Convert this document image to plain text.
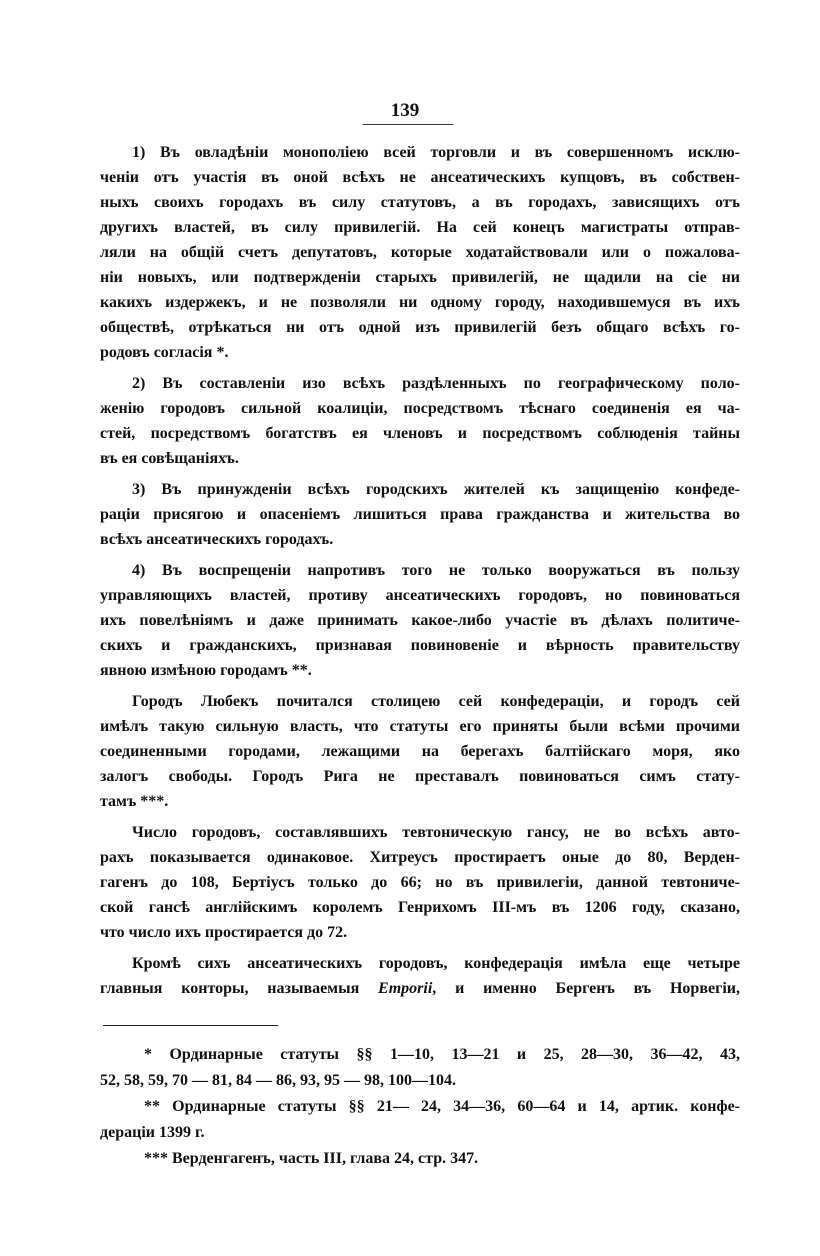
139
1) Въ овладѣніи монополіею всей торговли и въ совершенномъ исклю-
ченіи отъ участія въ оной всѣхъ не ансеатическихъ купцовъ, въ собствен-
ныхъ своихъ городахъ въ силу статутовъ, а въ городахъ, зависящихъ отъ
другихъ властей, въ силу привилегій. На сей конецъ магистраты отправ-
ляли на общій счетъ депутатовъ, которые ходатайствовали или о пожалова-
ніи новыхъ, или подтвержденіи старыхъ привилегій, не щадили на сіе ни
какихъ издержекъ, и не позволяли ни одному городу, находившемуся въ ихъ
обществѣ, отрѣкаться ни отъ одной изъ привилегій безъ общаго всѣхъ го-
родовъ согласія *.
2) Въ составленіи изо всѣхъ раздѣленныхъ по географическому поло-
женію городовъ сильной коалиціи, посредствомъ тѣснаго соединенія ея ча-
стей, посредствомъ богатствъ ея членовъ и посредствомъ соблюденія тайны
въ ея совѣщаніяхъ.
3) Въ принужденіи всѣхъ городскихъ жителей къ защищенію конфеде-
раціи присягою и опасеніемъ лишиться права гражданства и жительства во
всѣхъ ансеатическихъ городахъ.
4) Въ воспрещеніи напротивъ того не только вооружаться въ пользу
управляющихъ властей, противу ансеатическихъ городовъ, но повиноваться
ихъ повелѣніямъ и даже принимать какое-либо участіе въ дѣлахъ политиче-
скихъ и гражданскихъ, признавая повиновеніе и вѣрность правительству
явною измѣною городамъ **.
Городъ Любекъ почитался столицею сей конфедераціи, и городъ сей
имѣлъ такую сильную власть, что статуты его приняты были всѣми прочими
соединенными городами, лежащими на берегахъ балтійскаго моря, яко
залогъ свободы. Городъ Рига не преставалъ повиноваться симъ стату-
тамъ ***.
Число городовъ, составлявшихъ тевтоническую гансу, не во всѣхъ авто-
рахъ показывается одинаковое. Хитреусъ простираетъ оные до 80, Верден-
гагенъ до 108, Бертіусъ только до 66; но въ привилегіи, данной тевтониче-
ской гансѣ англійскимъ королемъ Генрихомъ III-мъ въ 1206 году, сказано,
что число ихъ простирается до 72.
Кромѣ сихъ ансеатическихъ городовъ, конфедерація имѣла еще четыре
главныя конторы, называемыя Emporii, и именно Бергенъ въ Норвегіи,
* Ординарные статуты §§ 1—10, 13—21 и 25, 28—30, 36—42, 43,
52, 58, 59, 70 — 81, 84 — 86, 93, 95 — 98, 100—104.
** Ординарные статуты §§ 21— 24, 34—36, 60—64 и 14, артик. конфе-
дераціи 1399 г.
*** Верденгагенъ, часть III, глава 24, стр. 347.
